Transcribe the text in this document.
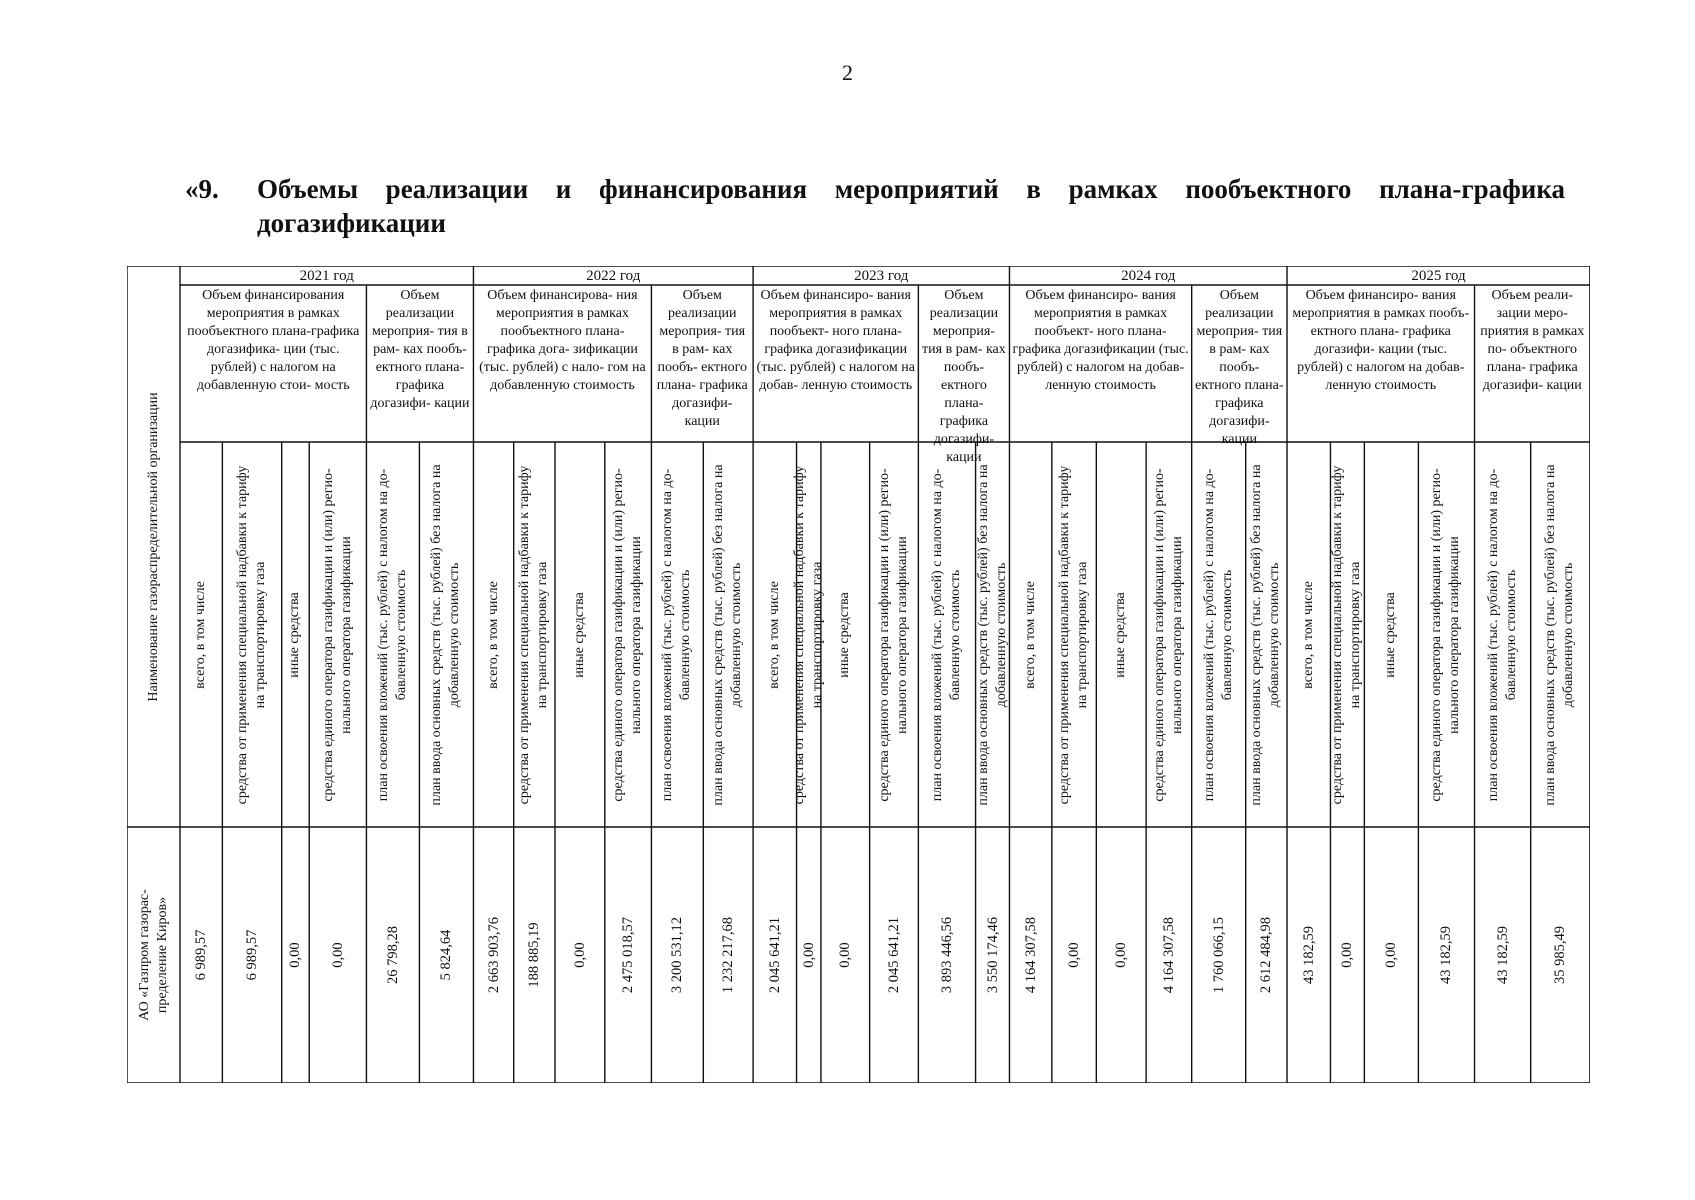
2
«9. Объемы реализации и финансирования мероприятий в рамках пообъектного плана-графика
догазификации
Наименование газораспределительной организации
АО «Газпром газорас- пределение Киров»
2021 год
Объем финансирования мероприятия в рамках пообъектного плана-графика догазифика- ции (тыс. рублей) с налогом на добавленную стои- мость
Объем реализации мероприя- тия в рам- ках пообъ- ектного плана- графика догазифи- кации
всего, в том числе
6 989,57
средства от применения специальной надбавки к тарифу на транспортировку газа
6 989,57
иные средства
0,00
средства единого оператора газификации и (или) регио- нального оператора газификации
0,00
план освоения вложений (тыс. рублей) с налогом на до- бавленную стоимость
26 798,28
план ввода основных средств (тыс. рублей) без налога на добавленную стоимость
5 824,64
2022 год
Объем финансирова- ния мероприятия в рамках пообъектного плана-графика дога- зификации (тыс. рублей) с нало- гом на добавленную стоимость
Объем реализации мероприя- тия в рам- ках пообъ- ектного плана- графика догазифи- кации
всего, в том числе
2 663 903,76
средства от применения специальной надбавки к тарифу на транспортировку газа
188 885,19
иные средства
0,00
средства единого оператора газификации и (или) регио- нального оператора газификации
2 475 018,57
план освоения вложений (тыс. рублей) с налогом на до- бавленную стоимость
3 200 531,12
план ввода основных средств (тыс. рублей) без налога на добавленную стоимость
1 232 217,68
2023 год
Объем финансиро- вания мероприятия в рамках пообъект- ного плана-графика догазификации (тыс. рублей) с налогом на добав- ленную стоимость
Объем реализации мероприя- тия в рам- ках пообъ- ектного плана- графика догазифи- кации
всего, в том числе
2 045 641,21
средства от применения специальной надбавки к тарифу на транспортировку газа
0,00
иные средства
0,00
средства единого оператора газификации и (или) регио- нального оператора газификации
2 045 641,21
план освоения вложений (тыс. рублей) с налогом на до- бавленную стоимость
3 893 446,56
план ввода основных средств (тыс. рублей) без налога на добавленную стоимость
3 550 174,46
2024 год
Объем финансиро- вания мероприятия в рамках пообъект- ного плана-графика догазификации (тыс. рублей) с налогом на добав- ленную стоимость
Объем реализации мероприя- тия в рам- ках пообъ- ектного плана- графика догазифи- кации
всего, в том числе
4 164 307,58
средства от применения специальной надбавки к тарифу на транспортировку газа
0,00
иные средства
0,00
средства единого оператора газификации и (или) регио- нального оператора газификации
4 164 307,58
план освоения вложений (тыс. рублей) с налогом на до- бавленную стоимость
1 760 066,15
план ввода основных средств (тыс. рублей) без налога на добавленную стоимость
2 612 484,98
2025 год
Объем финансиро- вания мероприятия в рамках пообъ- ектного плана- графика догазифи- кации (тыс. рублей) с налогом на добав- ленную стоимость
Объем реали- зации меро- приятия в рамках по- объектного плана- графика догазифи- кации
всего, в том числе
43 182,59
средства от применения специальной надбавки к тарифу на транспортировку газа
0,00
иные средства
0,00
средства единого оператора газификации и (или) регио- нального оператора газификации
43 182,59
план освоения вложений (тыс. рублей) с налогом на до- бавленную стоимость
43 182,59
план ввода основных средств (тыс. рублей) без налога на добавленную стоимость
35 985,49
